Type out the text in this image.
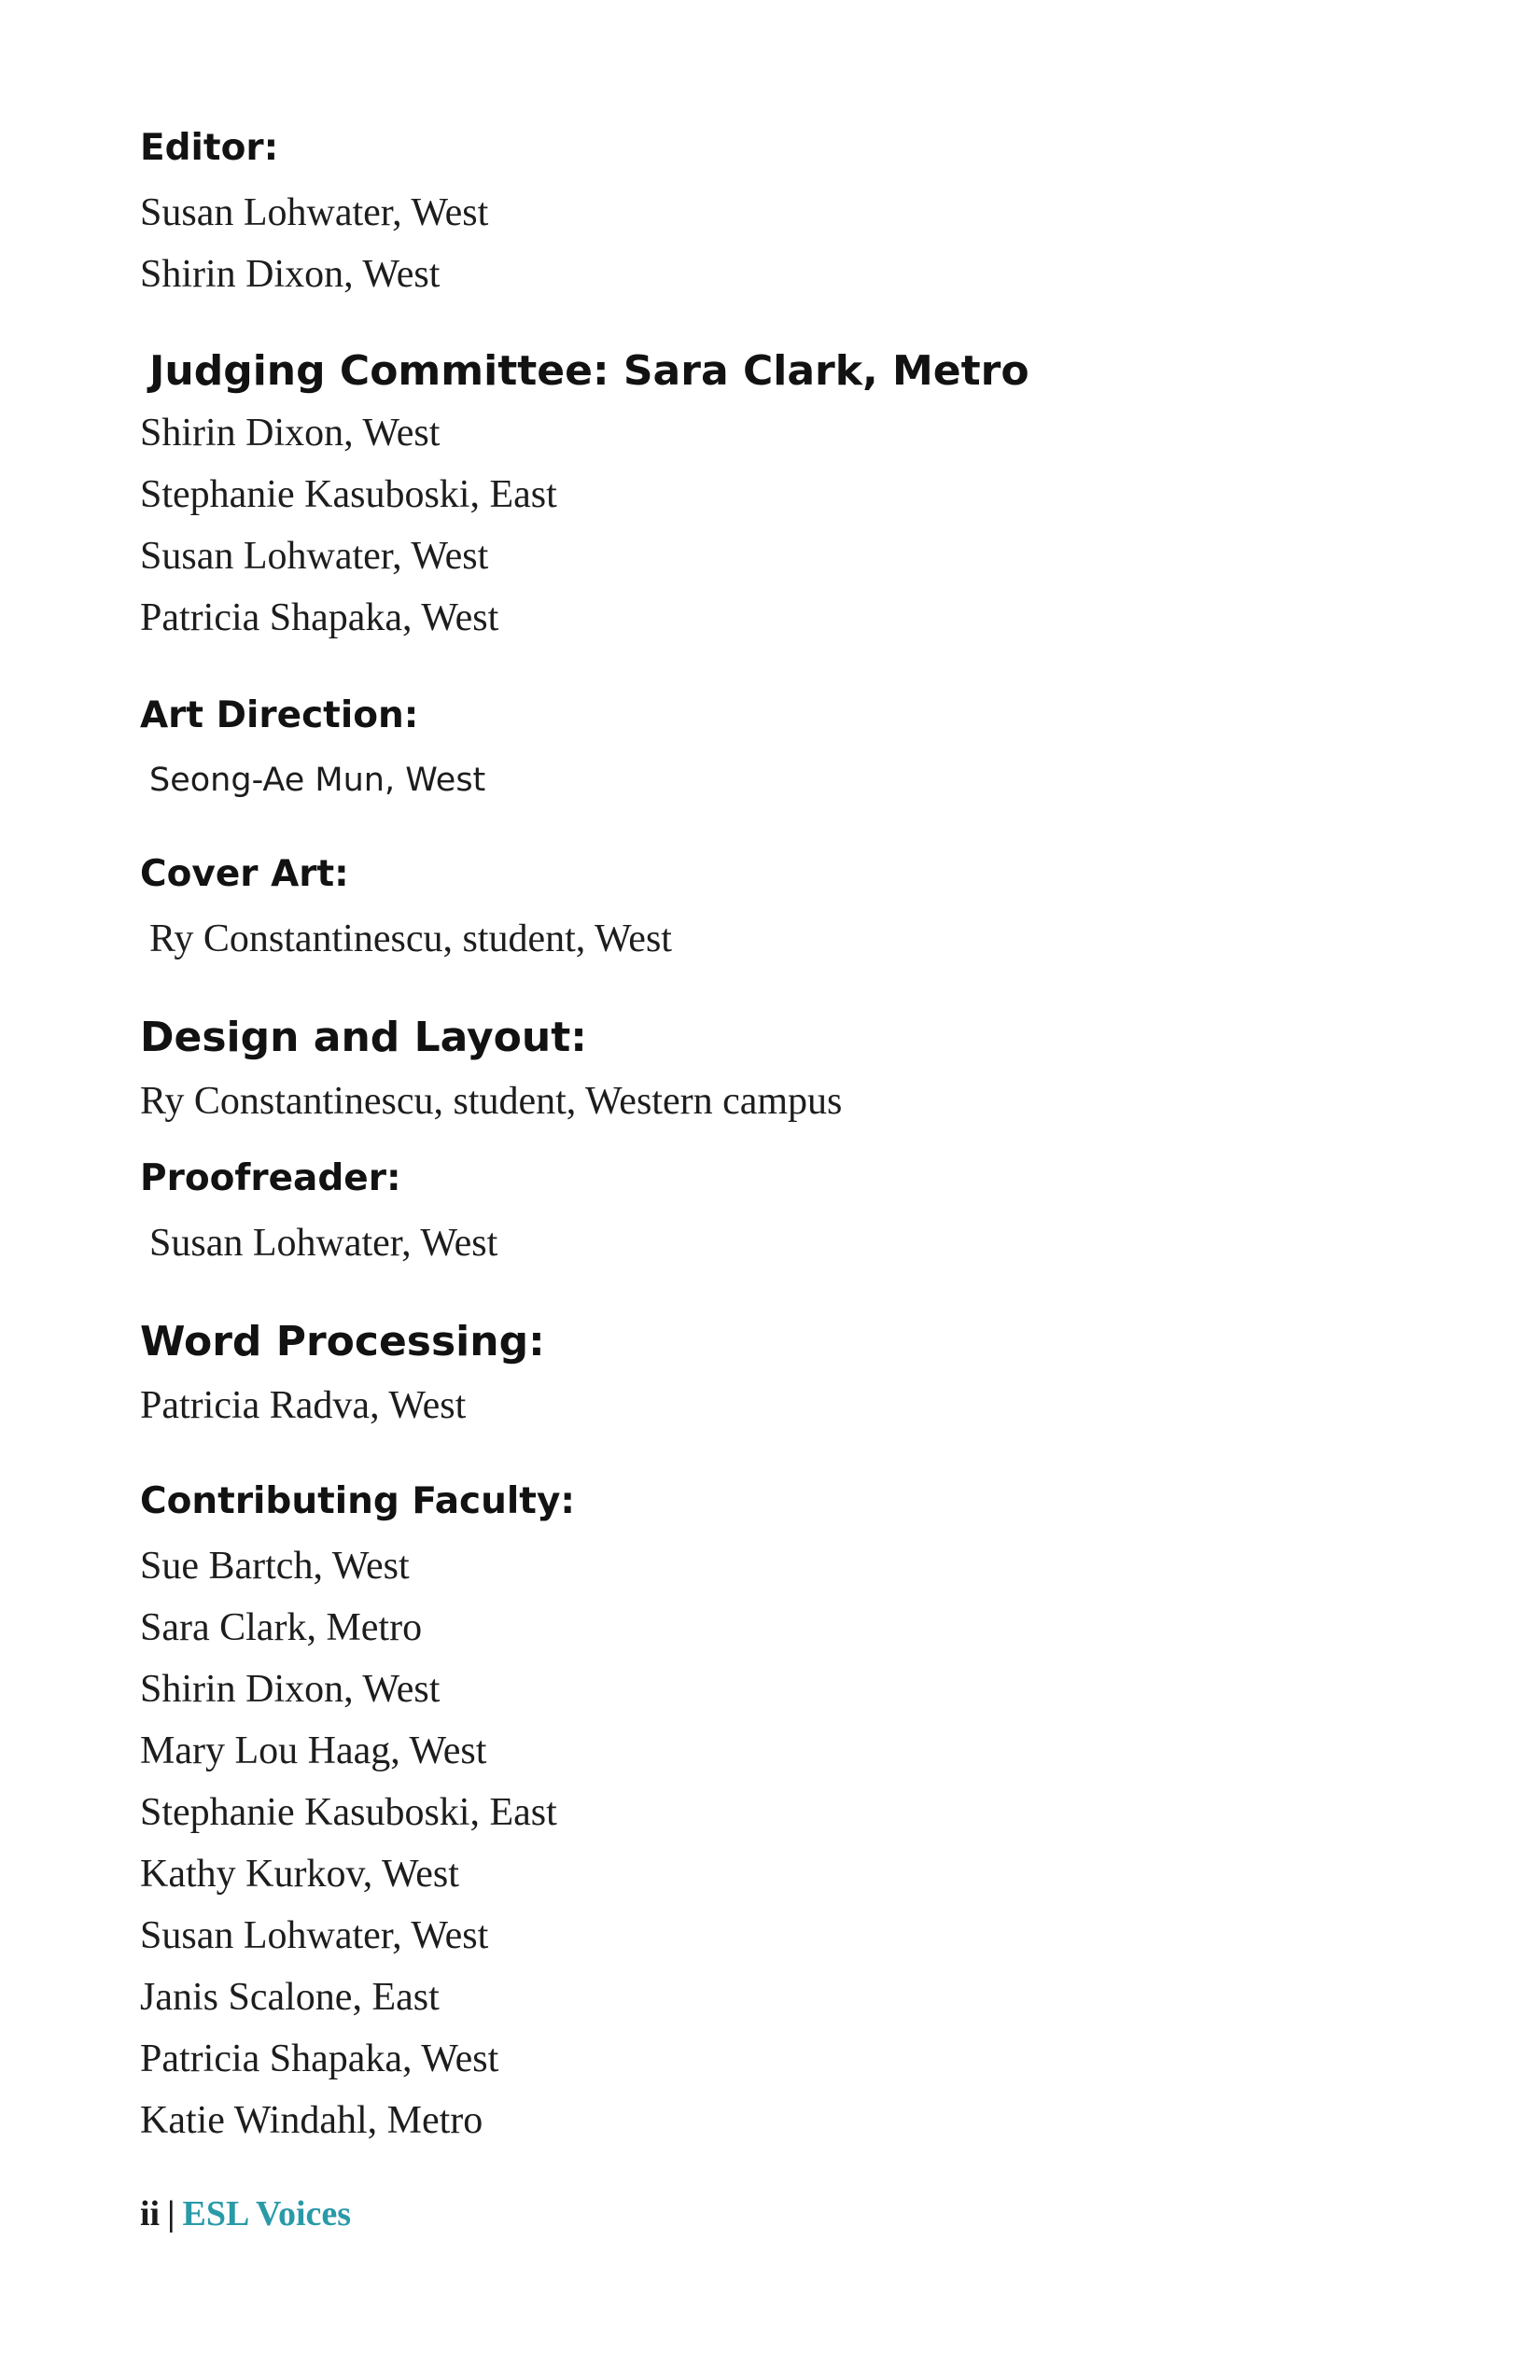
Editor:
Susan Lohwater, West
Shirin Dixon, West
Judging Committee: Sara Clark, Metro
Shirin Dixon, West
Stephanie Kasuboski, East
Susan Lohwater, West
Patricia Shapaka, West
Art Direction:
Seong-Ae Mun, West
Cover Art:
Ry Constantinescu, student, West
Design and Layout:
Ry Constantinescu, student, Western campus
Proofreader:
Susan Lohwater, West
Word Processing:
Patricia Radva, West
Contributing Faculty:
Sue Bartch, West
Sara Clark, Metro
Shirin Dixon, West
Mary Lou Haag, West
Stephanie Kasuboski, East
Kathy Kurkov, West
Susan Lohwater, West
Janis Scalone, East
Patricia Shapaka, West
Katie Windahl, Metro
ii | ESL Voices
